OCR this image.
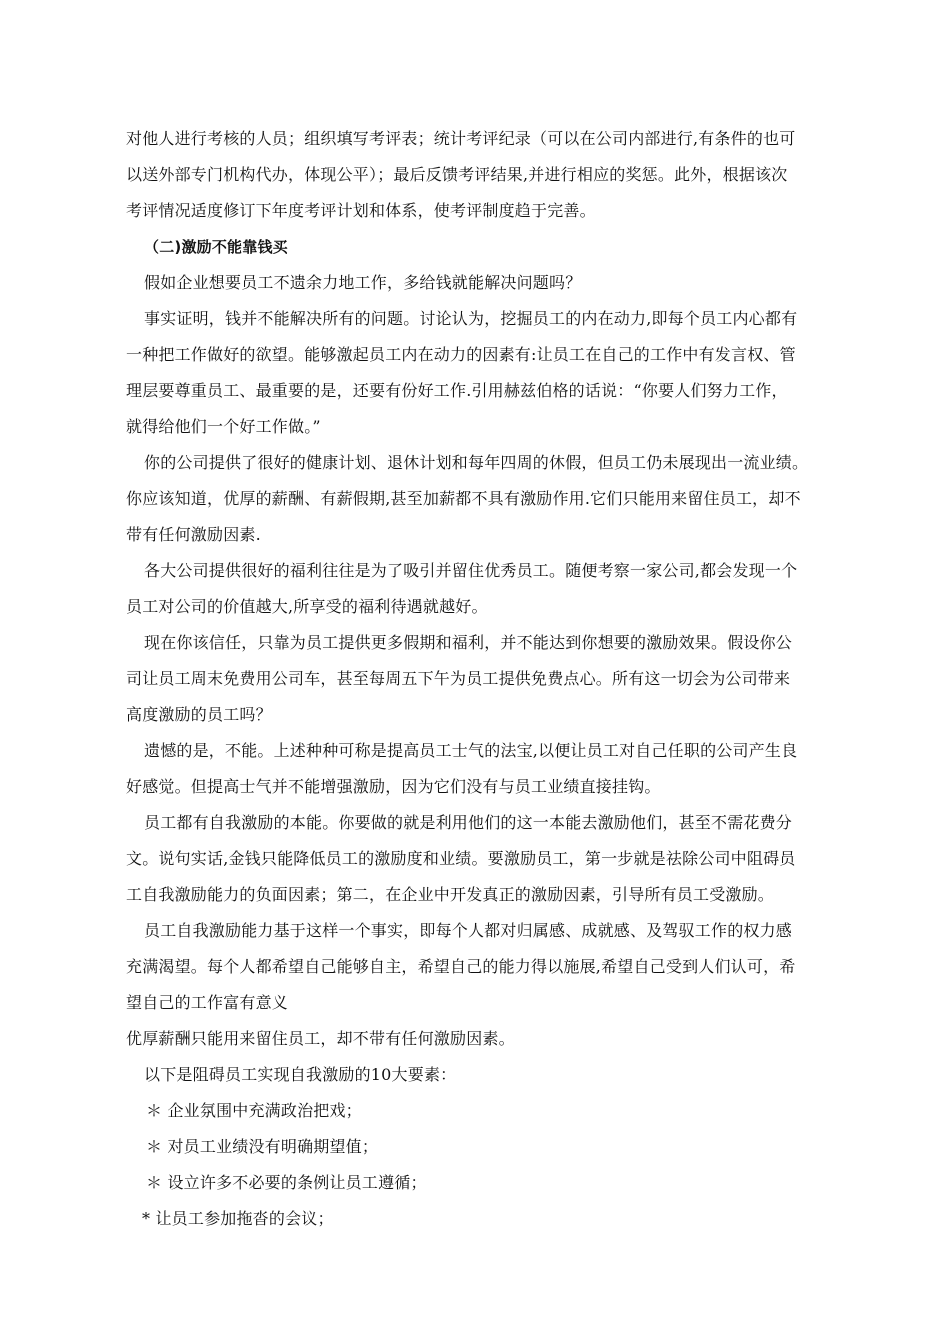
对他人进行考核的人员；组织填写考评表；统计考评纪录（可以在公司内部进行,有条件的也可
以送外部专门机构代办，体现公平）；最后反馈考评结果,并进行相应的奖惩。此外，根据该次
考评情况适度修订下年度考评计划和体系，使考评制度趋于完善。
（二)激励不能靠钱买
假如企业想要员工不遗余力地工作，多给钱就能解决问题吗？
事实证明，钱并不能解决所有的问题。讨论认为，挖掘员工的内在动力,即每个员工内心都有
一种把工作做好的欲望。能够激起员工内在动力的因素有:让员工在自己的工作中有发言权、管
理层要尊重员工、最重要的是，还要有份好工作.引用赫兹伯格的话说：“你要人们努力工作，
就得给他们一个好工作做。”
你的公司提供了很好的健康计划、退休计划和每年四周的休假，但员工仍未展现出一流业绩。
你应该知道，优厚的薪酬、有薪假期,甚至加薪都不具有激励作用.它们只能用来留住员工，却不
带有任何激励因素.
各大公司提供很好的福利往往是为了吸引并留住优秀员工。随便考察一家公司,都会发现一个
员工对公司的价值越大,所享受的福利待遇就越好。
现在你该信任，只靠为员工提供更多假期和福利，并不能达到你想要的激励效果。假设你公
司让员工周末免费用公司车，甚至每周五下午为员工提供免费点心。所有这一切会为公司带来
高度激励的员工吗？
遗憾的是，不能。上述种种可称是提高员工士气的法宝,以便让员工对自己任职的公司产生良
好感觉。但提高士气并不能增强激励，因为它们没有与员工业绩直接挂钩。
员工都有自我激励的本能。你要做的就是利用他们的这一本能去激励他们，甚至不需花费分
文。说句实话,金钱只能降低员工的激励度和业绩。要激励员工，第一步就是祛除公司中阻碍员
工自我激励能力的负面因素；第二，在企业中开发真正的激励因素，引导所有员工受激励。
员工自我激励能力基于这样一个事实，即每个人都对归属感、成就感、及驾驭工作的权力感
充满渴望。每个人都希望自己能够自主，希望自己的能力得以施展,希望自己受到人们认可，希
望自己的工作富有意义
优厚薪酬只能用来留住员工，却不带有任何激励因素。
以下是阻碍员工实现自我激励的10大要素：
＊ 企业氛围中充满政治把戏；
＊ 对员工业绩没有明确期望值；
＊ 设立许多不必要的条例让员工遵循；
* 让员工参加拖沓的会议；
